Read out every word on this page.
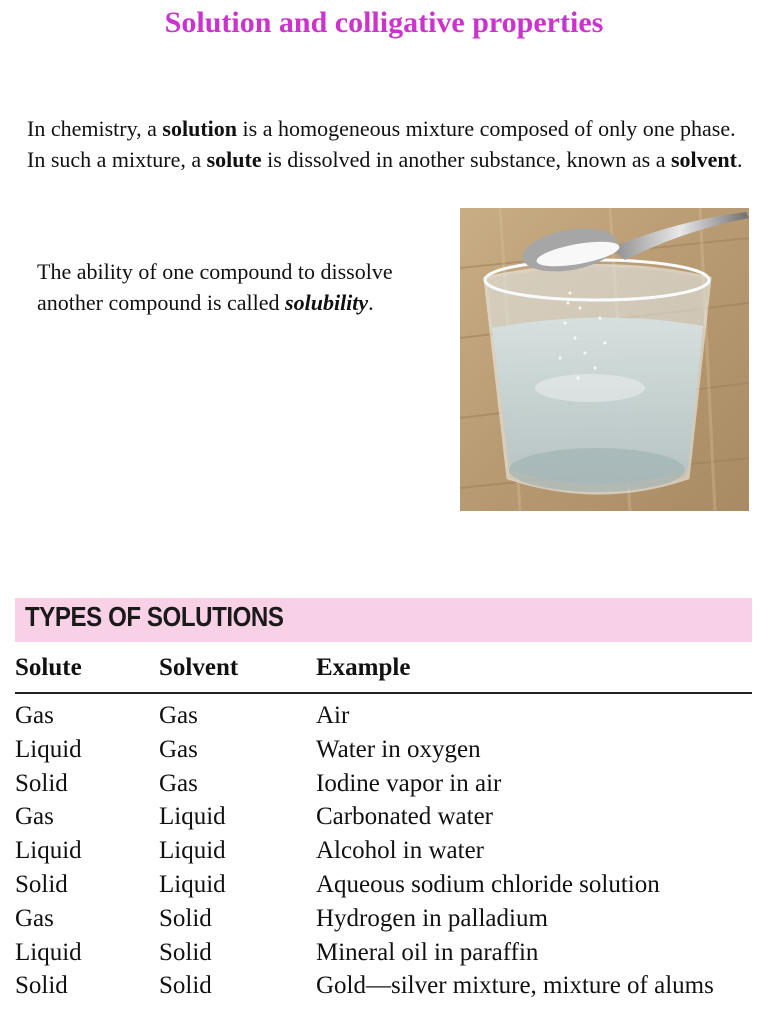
Solution and colligative properties

In chemistry, a solution is a homogeneous mixture composed of only one phase. In such a mixture, a solute is dissolved in another substance, known as a solvent.

The ability of one compound to dissolve another compound is called solubility.

TYPES OF SOLUTIONS
Solute	Solvent	Example
Gas	Gas	Air
Liquid	Gas	Water in oxygen
Solid	Gas	Iodine vapor in air
Gas	Liquid	Carbonated water
Liquid	Liquid	Alcohol in water
Solid	Liquid	Aqueous sodium chloride solution
Gas	Solid	Hydrogen in palladium
Liquid	Solid	Mineral oil in paraffin
Solid	Solid	Gold—silver mixture, mixture of alums
